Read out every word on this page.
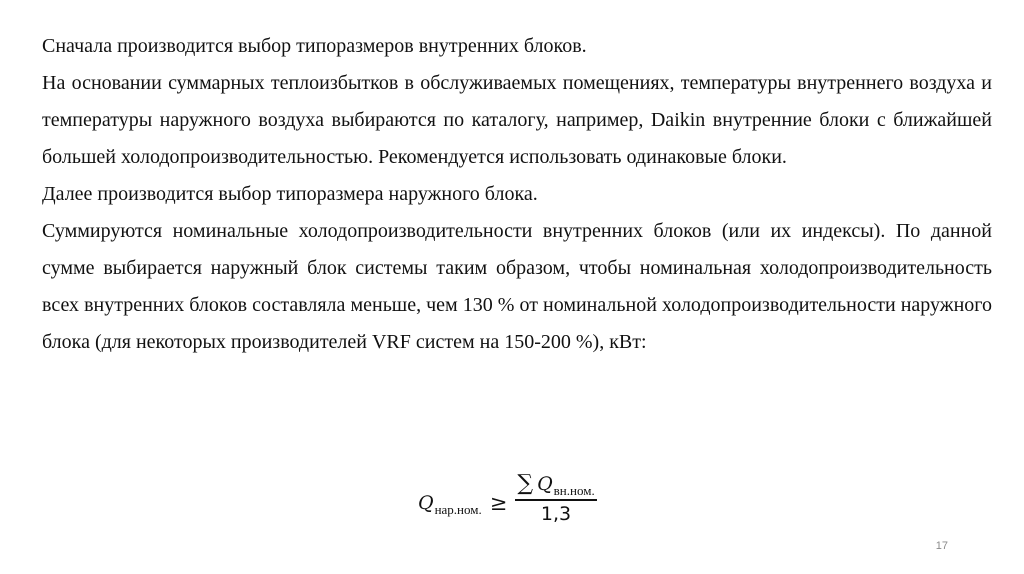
Сначала производится выбор типоразмеров внутренних блоков.

На основании суммарных теплоизбытков в обслуживаемых помещениях, температуры внутреннего воздуха и температуры наружного воздуха выбираются по каталогу, например, Daikin внутренние блоки с ближайшей большей холодопроизводительностью. Рекомендуется использовать одинаковые блоки.

Далее производится выбор типоразмера наружного блока.

Суммируются номинальные холодопроизводительности внутренних блоков (или их индексы). По данной сумме выбирается наружный блок системы таким образом, чтобы номинальная холодопроизводительность всех внутренних блоков составляла меньше, чем 130 % от номинальной холодопроизводительности наружного блока (для некоторых производителей VRF систем на 150-200 %), кВт:

Q нар.ном. ≥ $\frac{\text{∑ Q вн.ном.}}{1,3}$
17
